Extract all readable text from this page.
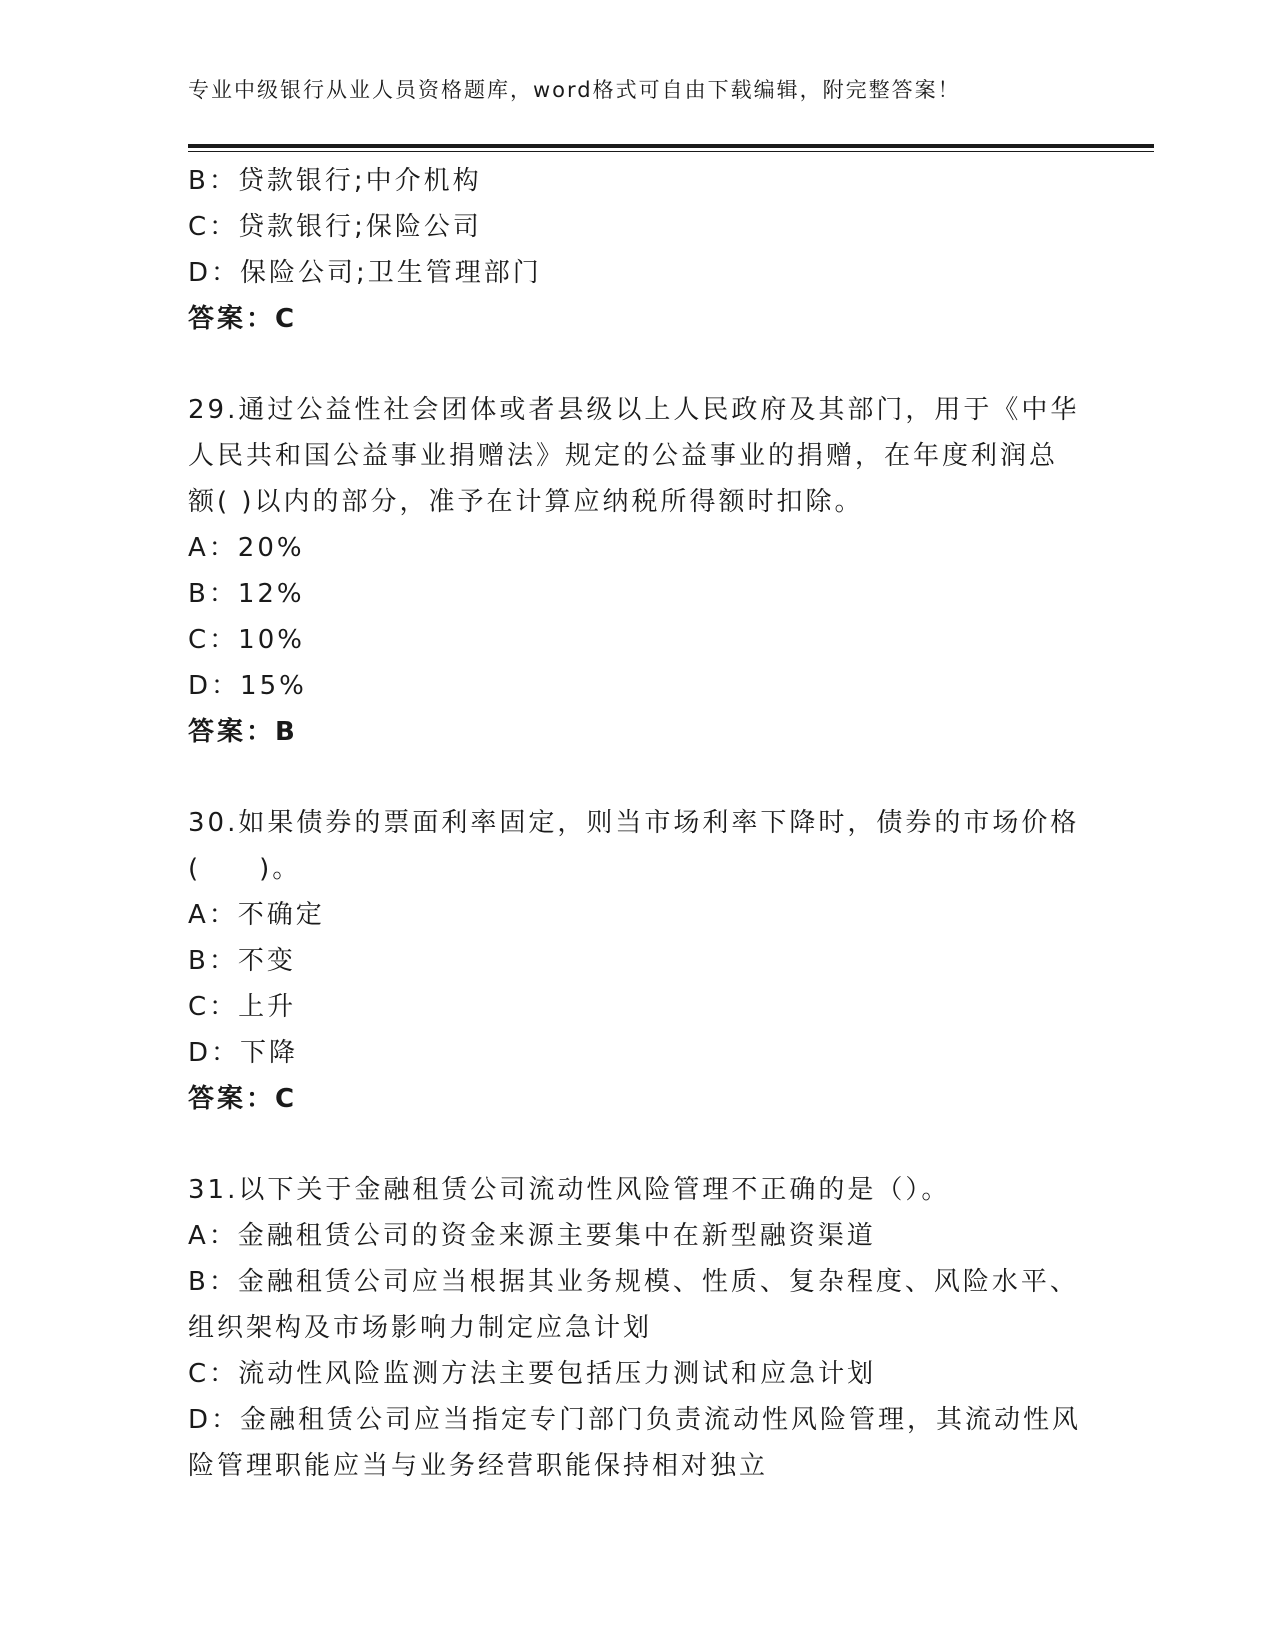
专业中级银行从业人员资格题库，word格式可自由下载编辑，附完整答案！
B：贷款银行;中介机构
C：贷款银行;保险公司
D：保险公司;卫生管理部门
答案：C
29.通过公益性社会团体或者县级以上人民政府及其部门，用于《中华
人民共和国公益事业捐赠法》规定的公益事业的捐赠，在年度利润总
额( )以内的部分，准予在计算应纳税所得额时扣除。
A：20%
B：12%
C：10%
D：15%
答案：B
30.如果债券的票面利率固定，则当市场利率下降时，债券的市场价格
(　　)。
A：不确定
B：不变
C：上升
D：下降
答案：C
31.以下关于金融租赁公司流动性风险管理不正确的是（）。
A：金融租赁公司的资金来源主要集中在新型融资渠道
B：金融租赁公司应当根据其业务规模、性质、复杂程度、风险水平、
组织架构及市场影响力制定应急计划
C：流动性风险监测方法主要包括压力测试和应急计划
D：金融租赁公司应当指定专门部门负责流动性风险管理，其流动性风
险管理职能应当与业务经营职能保持相对独立
